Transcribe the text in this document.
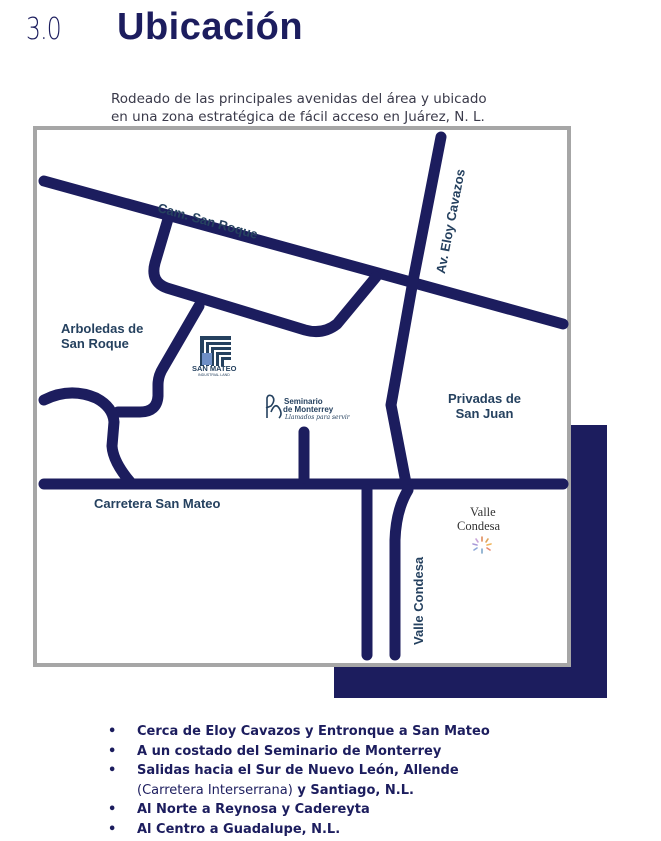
3.0 Ubicación
Rodeado de las principales avenidas del área y ubicado
en una zona estratégica de fácil acceso en Juárez, N. L.
Cam. San Roque	Av. Eloy Cavazos
Carretera San Mateo
Valle Condesa
Arboledas de
San Roque
Privadas de
San Juan
SAN MATEO
INDUSTRIAL LAND
Seminario
de Monterrey
Llamados para servir
Valle
Condesa
• Cerca de Eloy Cavazos y Entronque a San Mateo
• A un costado del Seminario de Monterrey
• Salidas hacia el Sur de Nuevo León, Allende
(Carretera Interserrana) y Santiago, N.L.
• Al Norte a Reynosa y Cadereyta
• Al Centro a Guadalupe, N.L.
